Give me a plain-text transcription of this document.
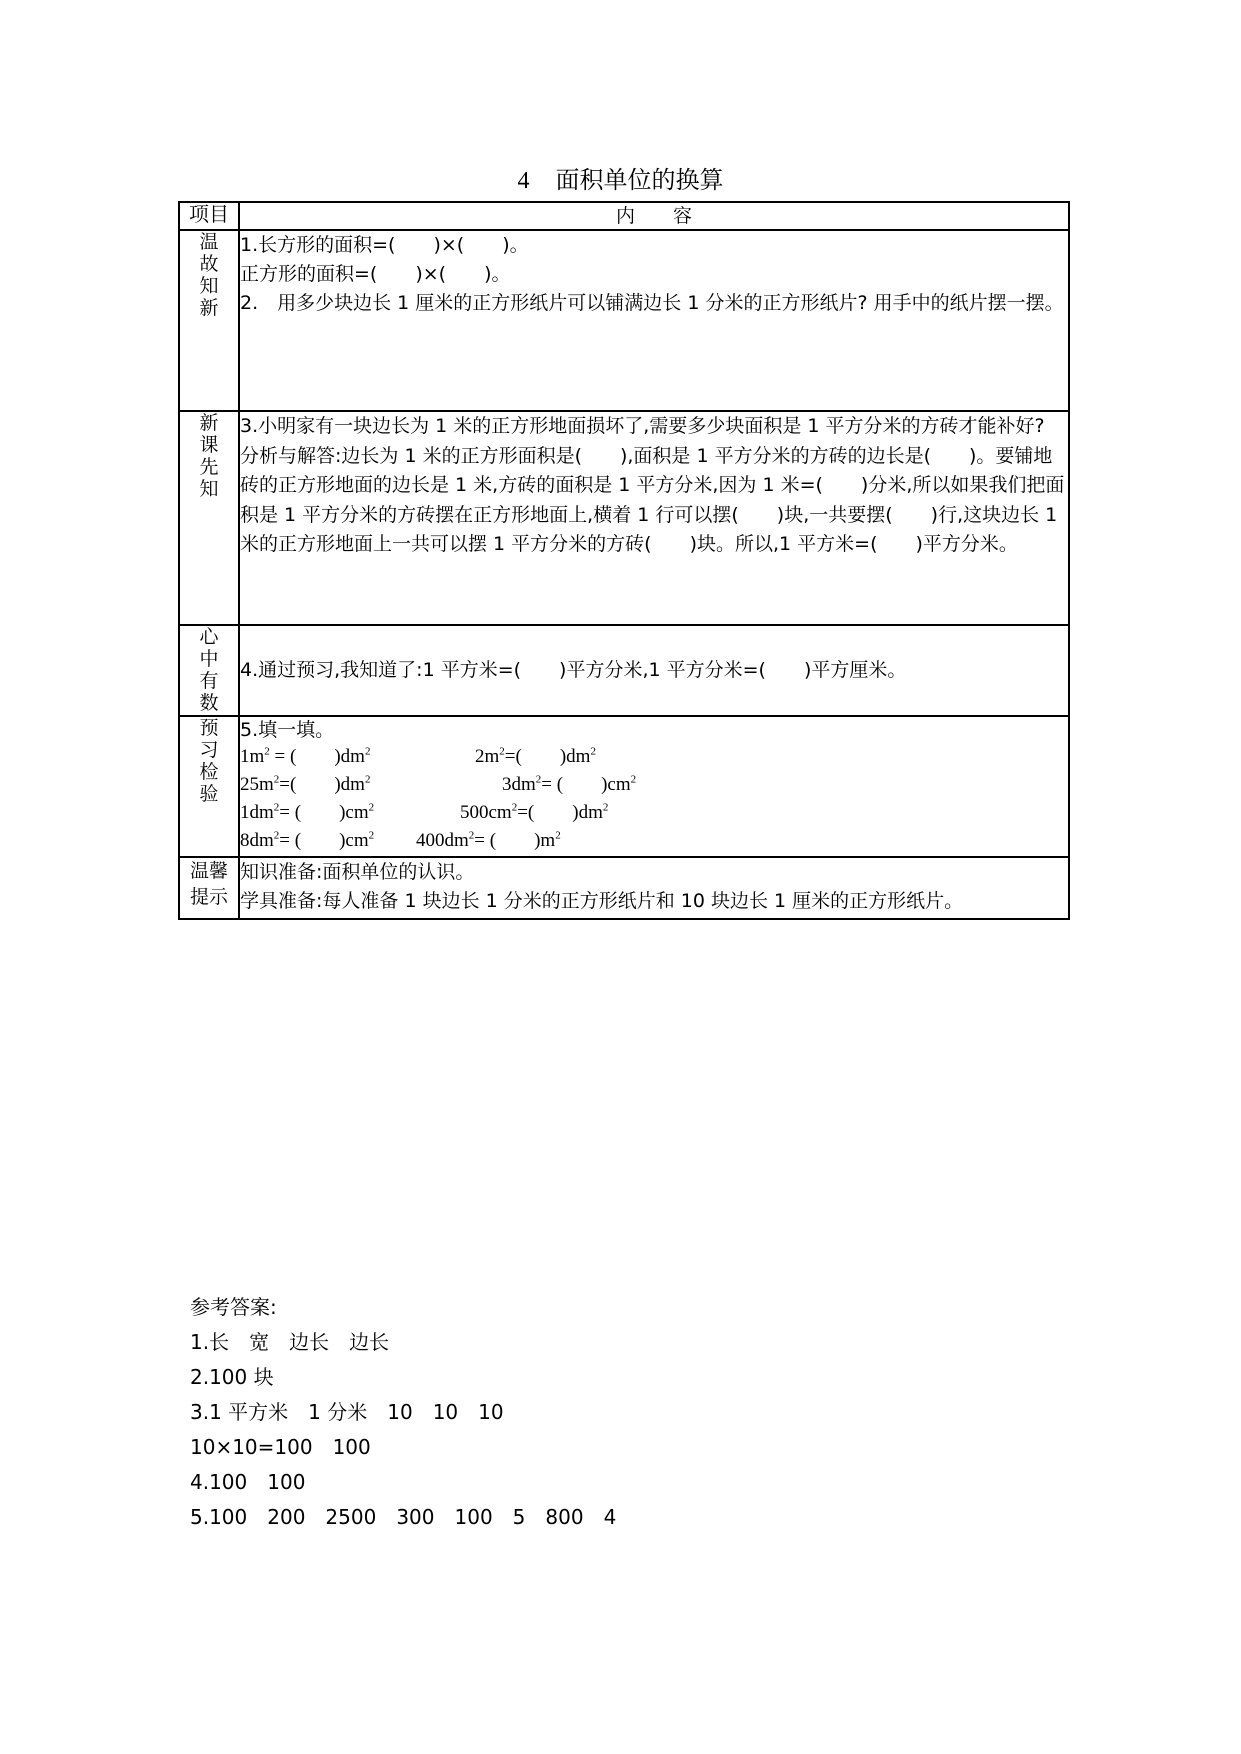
4 面积单位的换算
项目	内　　容
温故知新	1.长方形的面积=(　　)×(　　)。
正方形的面积=(　　)×(　　)。
2.　用多少块边长 1 厘米的正方形纸片可以铺满边长 1 分米的正方形纸片? 用手中的纸片摆一摆。

新课先知	3.小明家有一块边长为 1 米的正方形地面损坏了,需要多少块面积是 1 平方分米的方砖才能补好?
分析与解答:边长为 1 米的正方形面积是(　　),面积是 1 平方分米的方砖的边长是(　　)。要铺地砖的正方形地面的边长是 1 米,方砖的面积是 1 平方分米,因为 1 米=(　　)分米,所以如果我们把面积是 1 平方分米的方砖摆在正方形地面上,横着 1 行可以摆(　　)块,一共要摆(　　)行,这块边长 1 米的正方形地面上一共可以摆 1 平方分米的方砖(　　)块。所以,1 平方米=(　　)平方分米。

心中有数	4.通过预习,我知道了:1 平方米=(　　)平方分米,1 平方分米=(　　)平方厘米。

预习检验	5.填一填。
$1m^2$ = (　　)$dm^2$ $2m^2=$(　　)$dm^2$
$25m^2=$(　　)$dm^2$ $3dm^2=$ (　　)$cm^2$
$1dm^2=$ (　　)$cm^2$ $500cm^2=$(　　)$dm^2$
$8dm^2=$ (　　)$cm^2$ $400dm^2=$ (　　)$m^2$

温馨提示	知识准备:面积单位的认识。
学具准备:每人准备 1 块边长 1 分米的正方形纸片和 10 块边长 1 厘米的正方形纸片。
参考答案:
1.长　宽　边长　边长
2.100 块
3.1 平方米　1 分米　10　10　10
10×10=100　100
4.100　100
5.100　200　2500　300　100　5　800　4
